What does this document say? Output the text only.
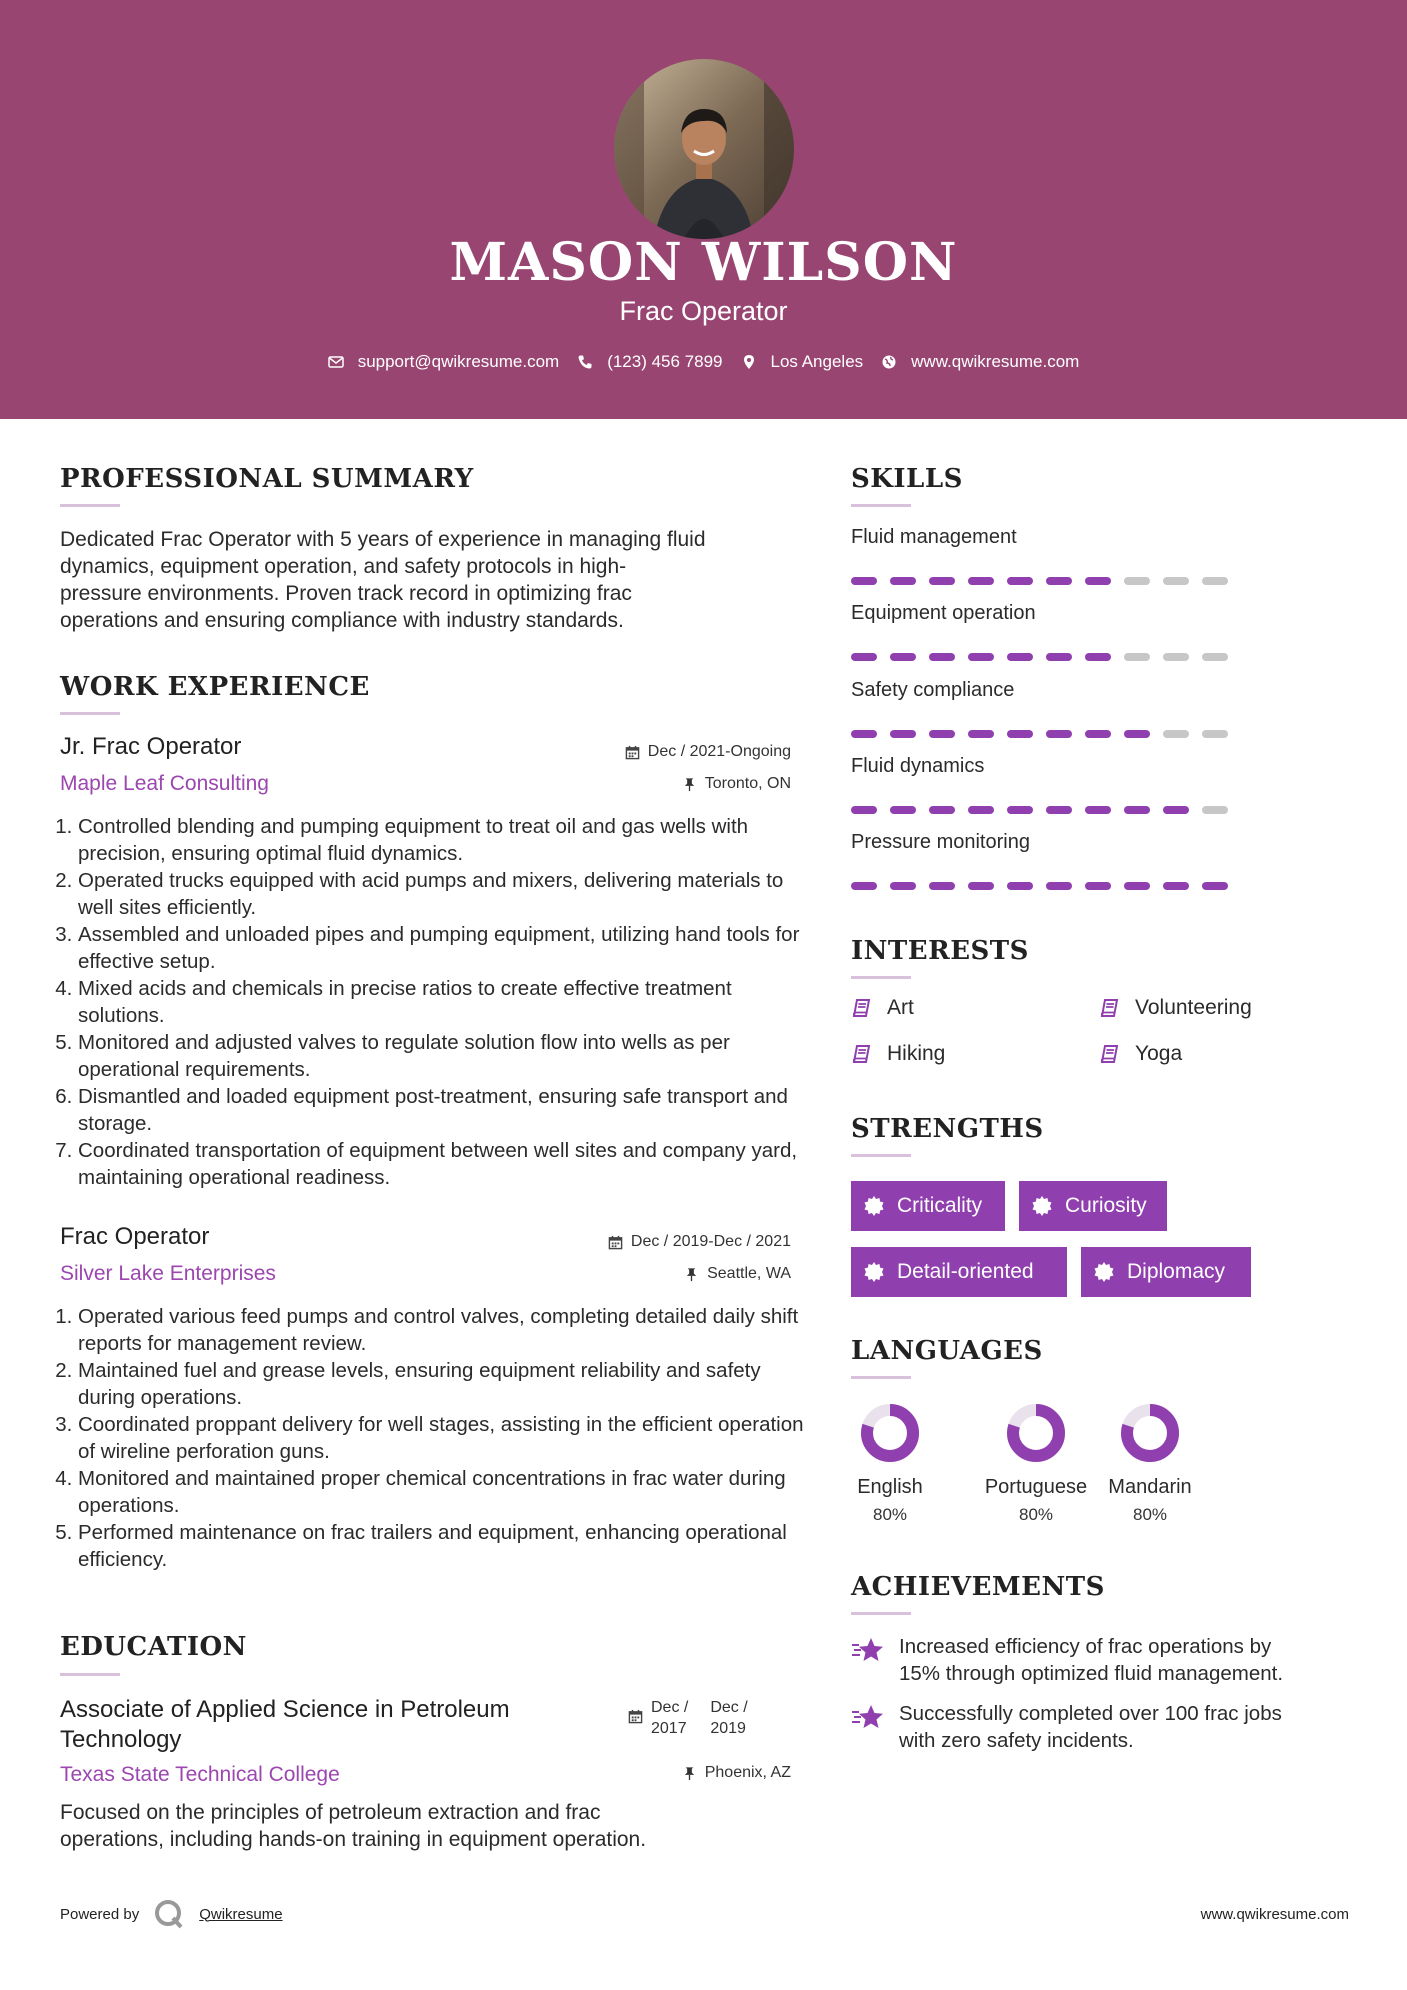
MASON WILSON
Frac Operator
support@qwikresume.com	(123) 456 7899	Los Angeles	www.qwikresume.com
PROFESSIONAL SUMMARY
Dedicated Frac Operator with 5 years of experience in managing fluid
dynamics, equipment operation, and safety protocols in high-
pressure environments. Proven track record in optimizing frac
operations and ensuring compliance with industry standards.
WORK EXPERIENCE
Jr. Frac Operator	Dec / 2021-Ongoing
Maple Leaf Consulting	Toronto, ON
1. Controlled blending and pumping equipment to treat oil and gas wells with precision, ensuring optimal fluid dynamics.
2. Operated trucks equipped with acid pumps and mixers, delivering materials to well sites efficiently.
3. Assembled and unloaded pipes and pumping equipment, utilizing hand tools for effective setup.
4. Mixed acids and chemicals in precise ratios to create effective treatment solutions.
5. Monitored and adjusted valves to regulate solution flow into wells as per operational requirements.
6. Dismantled and loaded equipment post-treatment, ensuring safe transport and storage.
7. Coordinated transportation of equipment between well sites and company yard, maintaining operational readiness.
Frac Operator	Dec / 2019-Dec / 2021
Silver Lake Enterprises	Seattle, WA
1. Operated various feed pumps and control valves, completing detailed daily shift reports for management review.
2. Maintained fuel and grease levels, ensuring equipment reliability and safety during operations.
3. Coordinated proppant delivery for well stages, assisting in the efficient operation of wireline perforation guns.
4. Monitored and maintained proper chemical concentrations in frac water during operations.
5. Performed maintenance on frac trailers and equipment, enhancing operational efficiency.
EDUCATION
Associate of Applied Science in Petroleum
Technology
Dec /
2017
Dec /
2019
Texas State Technical College	Phoenix, AZ
Focused on the principles of petroleum extraction and frac
operations, including hands-on training in equipment operation.
SKILLS
Fluid management
Equipment operation
Safety compliance
Fluid dynamics
Pressure monitoring
INTERESTS
Art	Volunteering
Hiking	Yoga
STRENGTHS
Criticality	Curiosity
Detail-oriented	Diplomacy
LANGUAGES
English
80%
Portuguese
80%
Mandarin
80%
ACHIEVEMENTS
Increased efficiency of frac operations by
15% through optimized fluid management.
Successfully completed over 100 frac jobs
with zero safety incidents.
Powered by	Qwikresume	www.qwikresume.com
